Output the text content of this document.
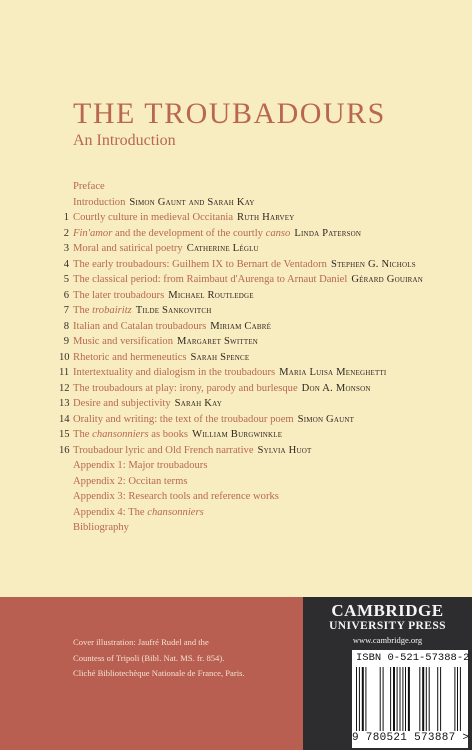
THE TROUBADOURS
An Introduction
Preface
Introduction Simon Gaunt and Sarah Kay
1 Courtly culture in medieval Occitania Ruth Harvey
2 Fin'amor and the development of the courtly canso Linda Paterson
3 Moral and satirical poetry Catherine Léglu
4 The early troubadours: Guilhem IX to Bernart de Ventadorn Stephen G. Nichols
5 The classical period: from Raimbaut d'Aurenga to Arnaut Daniel Gérard Gouiran
6 The later troubadours Michael Routledge
7 The trobairitz Tilde Sankovitch
8 Italian and Catalan troubadours Miriam Cabré
9 Music and versification Margaret Switten
10 Rhetoric and hermeneutics Sarah Spence
11 Intertextuality and dialogism in the troubadours Maria Luisa Meneghetti
12 The troubadours at play: irony, parody and burlesque Don A. Monson
13 Desire and subjectivity Sarah Kay
14 Orality and writing: the text of the troubadour poem Simon Gaunt
15 The chansonniers as books William Burgwinkle
16 Troubadour lyric and Old French narrative Sylvia Huot
Appendix 1: Major troubadours
Appendix 2: Occitan terms
Appendix 3: Research tools and reference works
Appendix 4: The chansonniers
Bibliography
Cover illustration: Jaufré Rudel and the
Countess of Tripoli (Bibl. Nat. MS. fr. 854).
Cliché Bibliotechèque Nationale de France, Paris.
CAMBRIDGE
UNIVERSITY PRESS
www.cambridge.org
ISBN 0-521-57388-2
9 780521 573887 >
